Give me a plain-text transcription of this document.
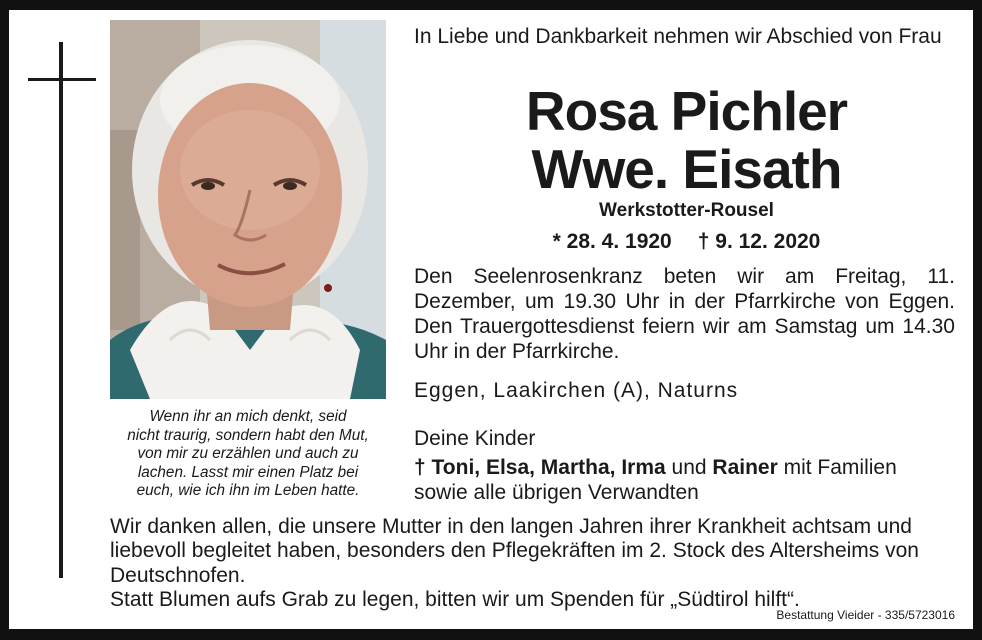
Wenn ihr an mich denkt, seid
nicht traurig, sondern habt den Mut,
von mir zu erzählen und auch zu
lachen. Lasst mir einen Platz bei
euch, wie ich ihn im Leben hatte.
In Liebe und Dankbarkeit nehmen wir Abschied von Frau
Rosa Pichler
Wwe. Eisath
Werkstotter-Rousel
* 28. 4. 1920 † 9. 12. 2020
Den Seelenrosenkranz beten wir am Freitag, 11. Dezember, um 19.30 Uhr in der Pfarrkirche von Eggen. Den Trauergottesdienst feiern wir am Samstag um 14.30 Uhr in der Pfarrkirche.
Eggen, Laakirchen (A), Naturns
Deine Kinder
† Toni, Elsa, Martha, Irma und Rainer mit Familien
sowie alle übrigen Verwandten
Wir danken allen, die unsere Mutter in den langen Jahren ihrer Krankheit achtsam und liebevoll begleitet haben, besonders den Pflegekräften im 2. Stock des Altersheims von Deutschnofen.
Statt Blumen aufs Grab zu legen, bitten wir um Spenden für „Südtirol hilft“.
Bestattung Vieider - 335/5723016
